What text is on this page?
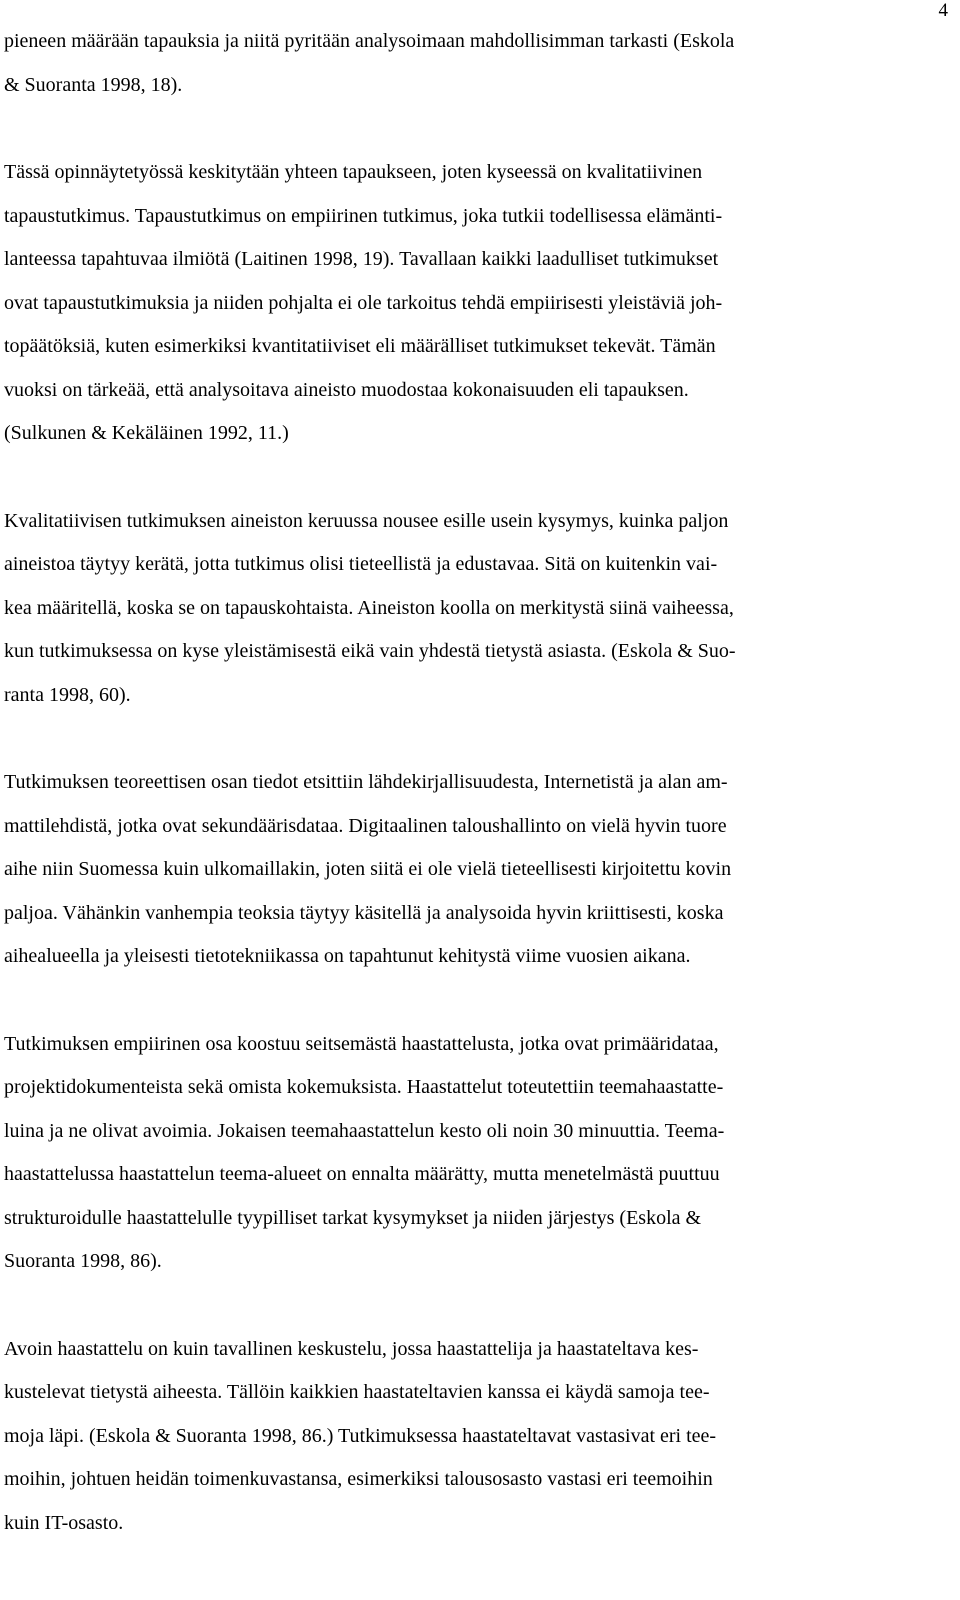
4

pieneen määrään tapauksia ja niitä pyritään analysoimaan mahdollisimman tarkasti (Eskola
& Suoranta 1998, 18).

Tässä opinnäytetyössä keskitytään yhteen tapaukseen, joten kyseessä on kvalitatiivinen
tapaustutkimus. Tapaustutkimus on empiirinen tutkimus, joka tutkii todellisessa elämänti-
lanteessa tapahtuvaa ilmiötä (Laitinen 1998, 19). Tavallaan kaikki laadulliset tutkimukset
ovat tapaustutkimuksia ja niiden pohjalta ei ole tarkoitus tehdä empiirisesti yleistäviä joh-
topäätöksiä, kuten esimerkiksi kvantitatiiviset eli määrälliset tutkimukset tekevät. Tämän
vuoksi on tärkeää, että analysoitava aineisto muodostaa kokonaisuuden eli tapauksen.
(Sulkunen & Kekäläinen 1992, 11.)

Kvalitatiivisen tutkimuksen aineiston keruussa nousee esille usein kysymys, kuinka paljon
aineistoa täytyy kerätä, jotta tutkimus olisi tieteellistä ja edustavaa. Sitä on kuitenkin vai-
kea määritellä, koska se on tapauskohtaista. Aineiston koolla on merkitystä siinä vaiheessa,
kun tutkimuksessa on kyse yleistämisestä eikä vain yhdestä tietystä asiasta. (Eskola & Suo-
ranta 1998, 60).

Tutkimuksen teoreettisen osan tiedot etsittiin lähdekirjallisuudesta, Internetistä ja alan am-
mattilehdistä, jotka ovat sekundäärisdataa. Digitaalinen taloushallinto on vielä hyvin tuore
aihe niin Suomessa kuin ulkomaillakin, joten siitä ei ole vielä tieteellisesti kirjoitettu kovin
paljoa. Vähänkin vanhempia teoksia täytyy käsitellä ja analysoida hyvin kriittisesti, koska
aihealueella ja yleisesti tietotekniikassa on tapahtunut kehitystä viime vuosien aikana.

Tutkimuksen empiirinen osa koostuu seitsemästä haastattelusta, jotka ovat primääridataa,
projektidokumenteista sekä omista kokemuksista. Haastattelut toteutettiin teemahaastatte-
luina ja ne olivat avoimia. Jokaisen teemahaastattelun kesto oli noin 30 minuuttia. Teema-
haastattelussa haastattelun teema-alueet on ennalta määrätty, mutta menetelmästä puuttuu
strukturoidulle haastattelulle tyypilliset tarkat kysymykset ja niiden järjestys (Eskola &
Suoranta 1998, 86).

Avoin haastattelu on kuin tavallinen keskustelu, jossa haastattelija ja haastateltava kes-
kustelevat tietystä aiheesta. Tällöin kaikkien haastateltavien kanssa ei käydä samoja tee-
moja läpi. (Eskola & Suoranta 1998, 86.) Tutkimuksessa haastateltavat vastasivat eri tee-
moihin, johtuen heidän toimenkuvastansa, esimerkiksi talousosasto vastasi eri teemoihin
kuin IT-osasto.
